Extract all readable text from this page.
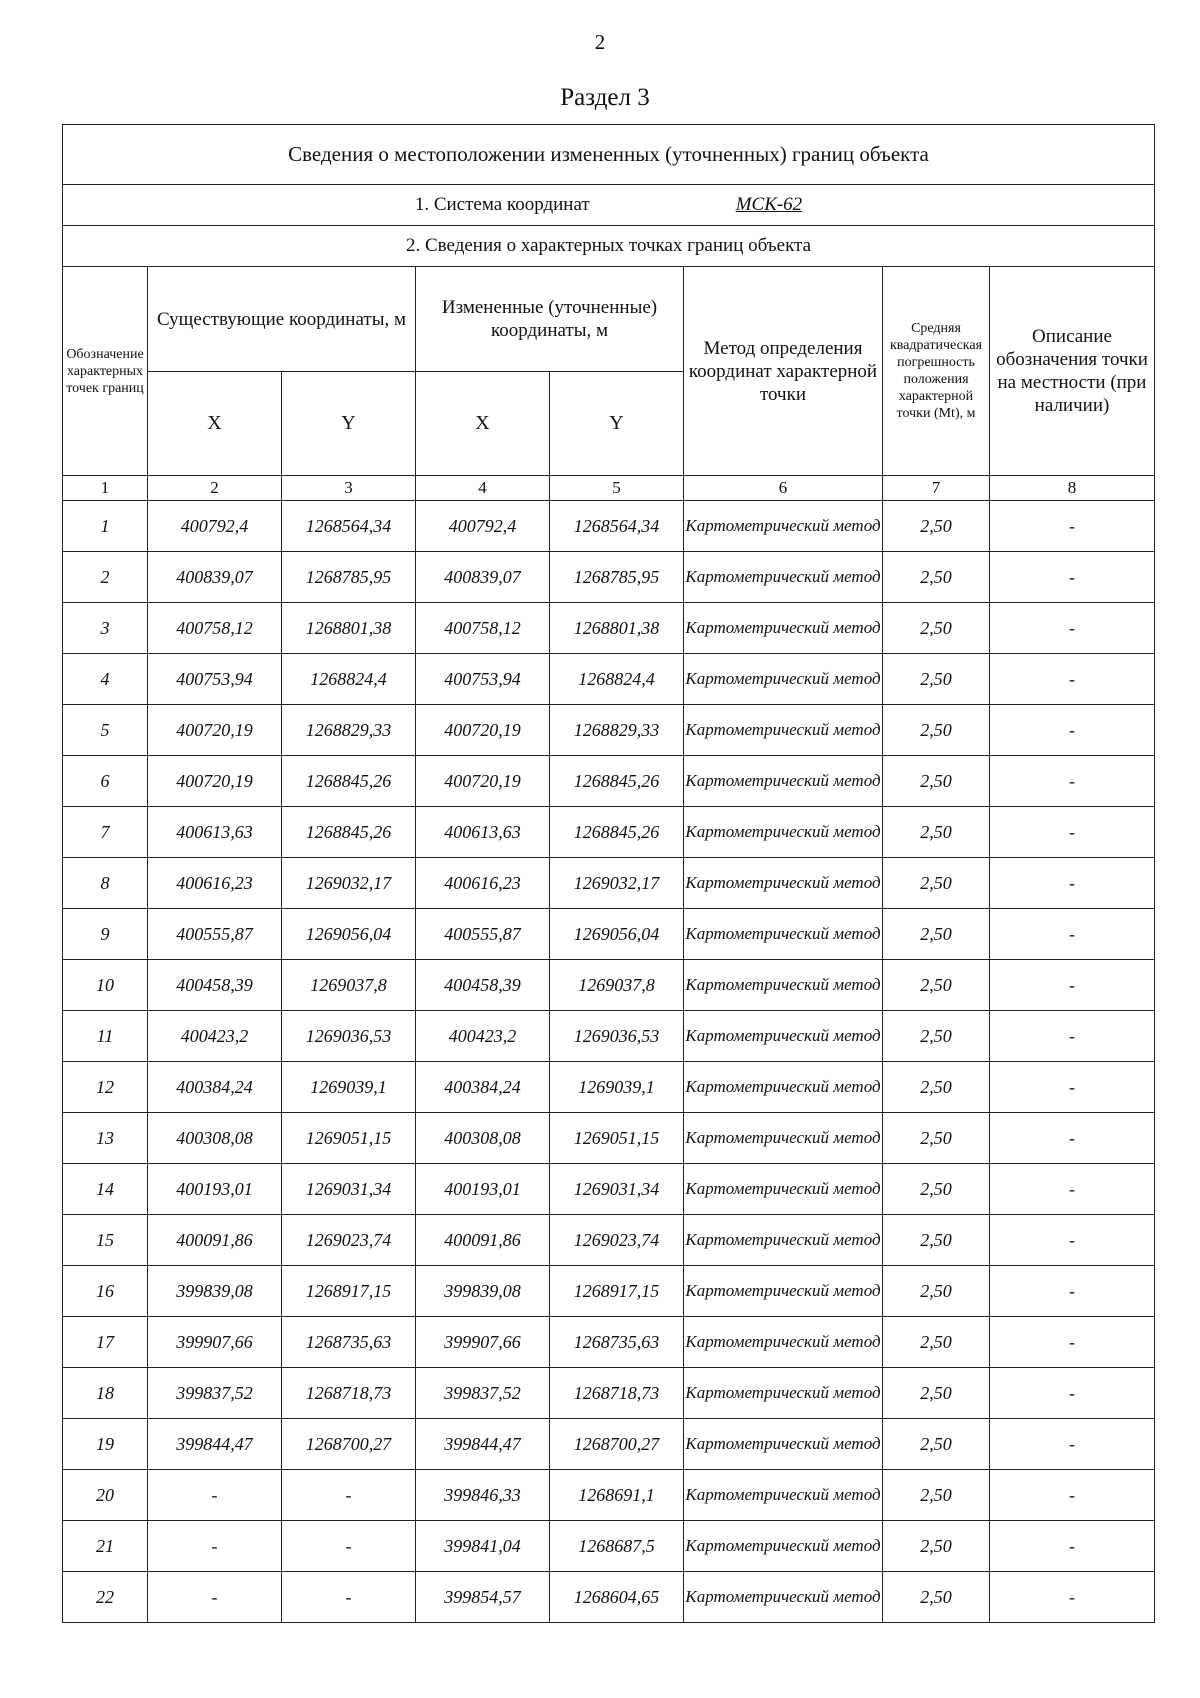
2
Раздел 3
Сведения о местоположении измененных (уточненных) границ объекта							
1. Система координат МСК-62							
2. Сведения о характерных точках границ объекта							
Обозначение характерных точек границ	Существующие координаты, м		Измененные (уточненные) координаты, м		Метод определения координат характерной точки	Средняя квадратическая погрешность положения характерной точки (Mt), м	Описание обозначения точки на местности (при наличии)
	X	Y	X	Y			
1	2	3	4	5	6	7	8
1	400792,4	1268564,34	400792,4	1268564,34	Картометрический метод	2,50	-
2	400839,07	1268785,95	400839,07	1268785,95	Картометрический метод	2,50	-
3	400758,12	1268801,38	400758,12	1268801,38	Картометрический метод	2,50	-
4	400753,94	1268824,4	400753,94	1268824,4	Картометрический метод	2,50	-
5	400720,19	1268829,33	400720,19	1268829,33	Картометрический метод	2,50	-
6	400720,19	1268845,26	400720,19	1268845,26	Картометрический метод	2,50	-
7	400613,63	1268845,26	400613,63	1268845,26	Картометрический метод	2,50	-
8	400616,23	1269032,17	400616,23	1269032,17	Картометрический метод	2,50	-
9	400555,87	1269056,04	400555,87	1269056,04	Картометрический метод	2,50	-
10	400458,39	1269037,8	400458,39	1269037,8	Картометрический метод	2,50	-
11	400423,2	1269036,53	400423,2	1269036,53	Картометрический метод	2,50	-
12	400384,24	1269039,1	400384,24	1269039,1	Картометрический метод	2,50	-
13	400308,08	1269051,15	400308,08	1269051,15	Картометрический метод	2,50	-
14	400193,01	1269031,34	400193,01	1269031,34	Картометрический метод	2,50	-
15	400091,86	1269023,74	400091,86	1269023,74	Картометрический метод	2,50	-
16	399839,08	1268917,15	399839,08	1268917,15	Картометрический метод	2,50	-
17	399907,66	1268735,63	399907,66	1268735,63	Картометрический метод	2,50	-
18	399837,52	1268718,73	399837,52	1268718,73	Картометрический метод	2,50	-
19	399844,47	1268700,27	399844,47	1268700,27	Картометрический метод	2,50	-
20	-	-	399846,33	1268691,1	Картометрический метод	2,50	-
21	-	-	399841,04	1268687,5	Картометрический метод	2,50	-
22	-	-	399854,57	1268604,65	Картометрический метод	2,50	-
